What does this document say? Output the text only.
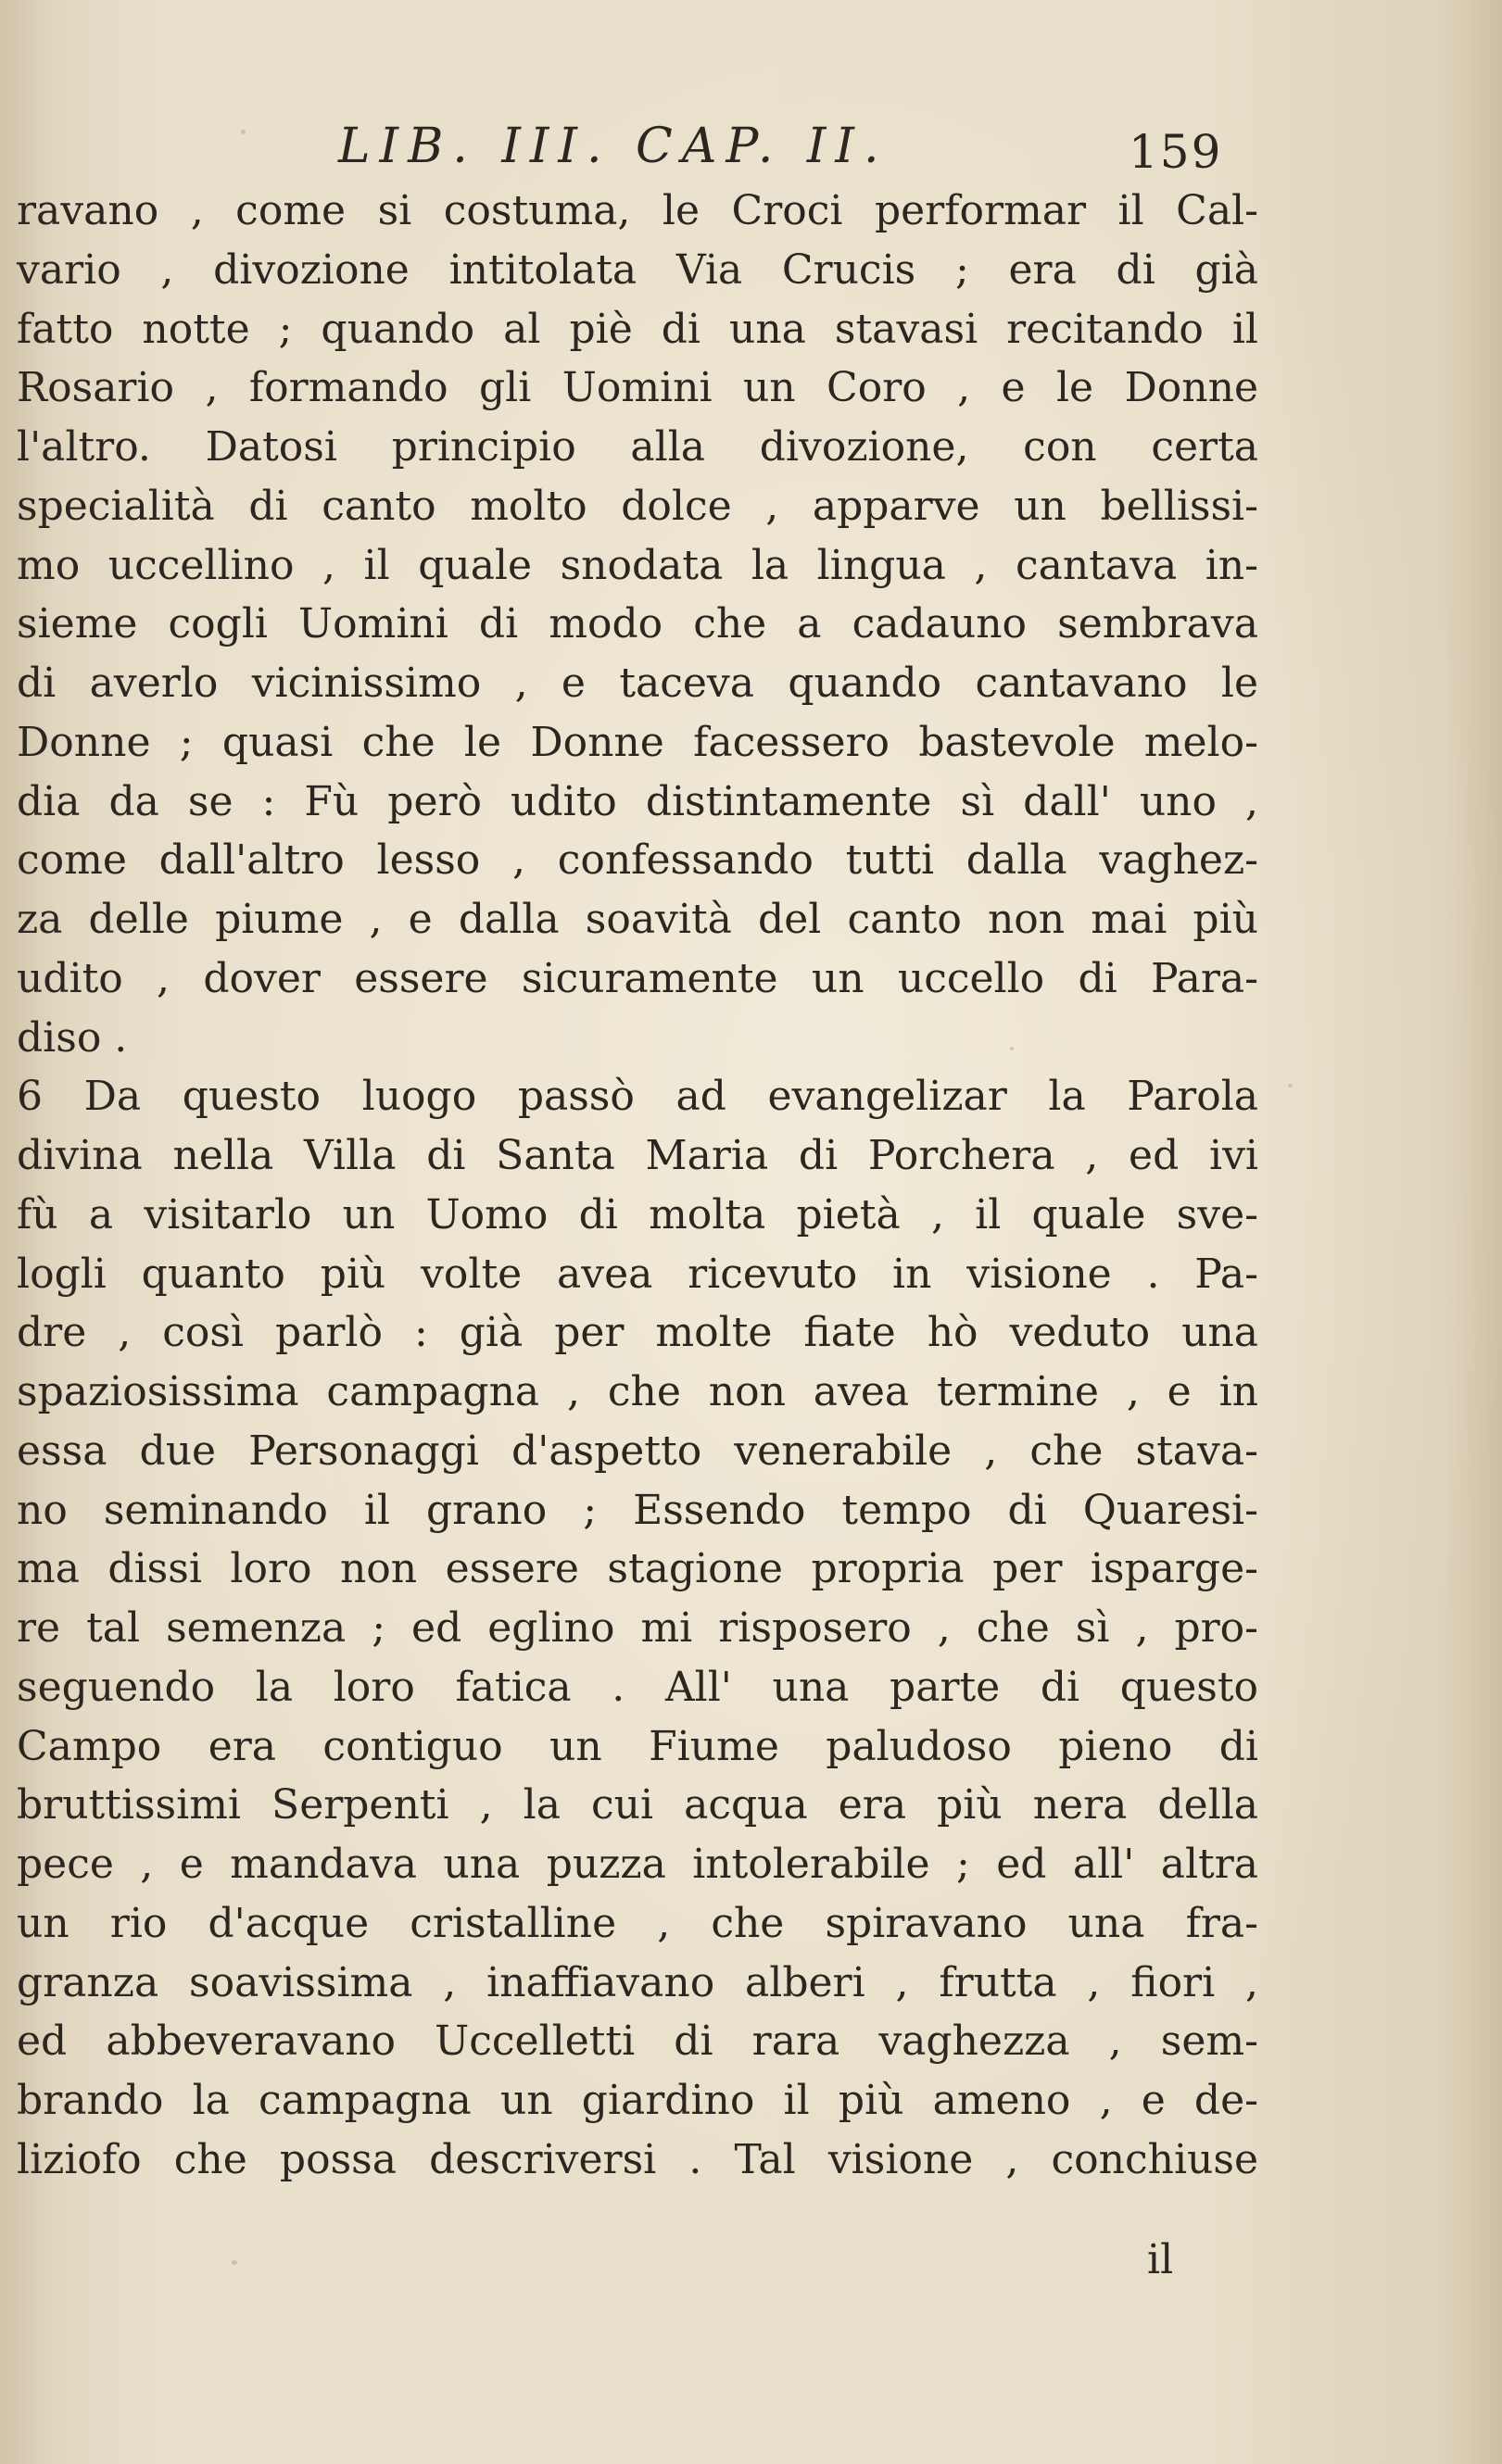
LIB. III. CAP. II.	159
ravano , come si costuma, le Croci performar il Cal-
vario , divozione intitolata Via Crucis ; era di già
fatto notte ; quando al piè di una stavasi recitando il
Rosario , formando gli Uomini un Coro , e le Donne
l'altro. Datosi principio alla divozione, con certa
specialità di canto molto dolce , apparve un bellissi-
mo uccellino , il quale snodata la lingua , cantava in-
sieme cogli Uomini di modo che a cadauno sembrava
di averlo vicinissimo , e taceva quando cantavano le
Donne ; quasi che le Donne facessero bastevole melo-
dia da se : Fù però udito distintamente sì dall' uno ,
come dall'altro lesso , confessando tutti dalla vaghez-
za delle piume , e dalla soavità del canto non mai più
udito , dover essere sicuramente un uccello di Para-
diso .
6 Da questo luogo passò ad evangelizar la Parola
divina nella Villa di Santa Maria di Porchera , ed ivi
fù a visitarlo un Uomo di molta pietà , il quale sve-
logli quanto più volte avea ricevuto in visione . Pa-
dre , così parlò : già per molte fiate hò veduto una
spaziosissima campagna , che non avea termine , e in
essa due Personaggi d'aspetto venerabile , che stava-
no seminando il grano ; Essendo tempo di Quaresi-
ma dissi loro non essere stagione propria per isparge-
re tal semenza ; ed eglino mi risposero , che sì , pro-
seguendo la loro fatica . All' una parte di questo
Campo era contiguo un Fiume paludoso pieno di
bruttissimi Serpenti , la cui acqua era più nera della
pece , e mandava una puzza intolerabile ; ed all' altra
un rio d'acque cristalline , che spiravano una fra-
granza soavissima , inaffiavano alberi , frutta , fiori ,
ed abbeveravano Uccelletti di rara vaghezza , sem-
brando la campagna un giardino il più ameno , e de-
liziofo che possa descriversi . Tal visione , conchiuse
il
